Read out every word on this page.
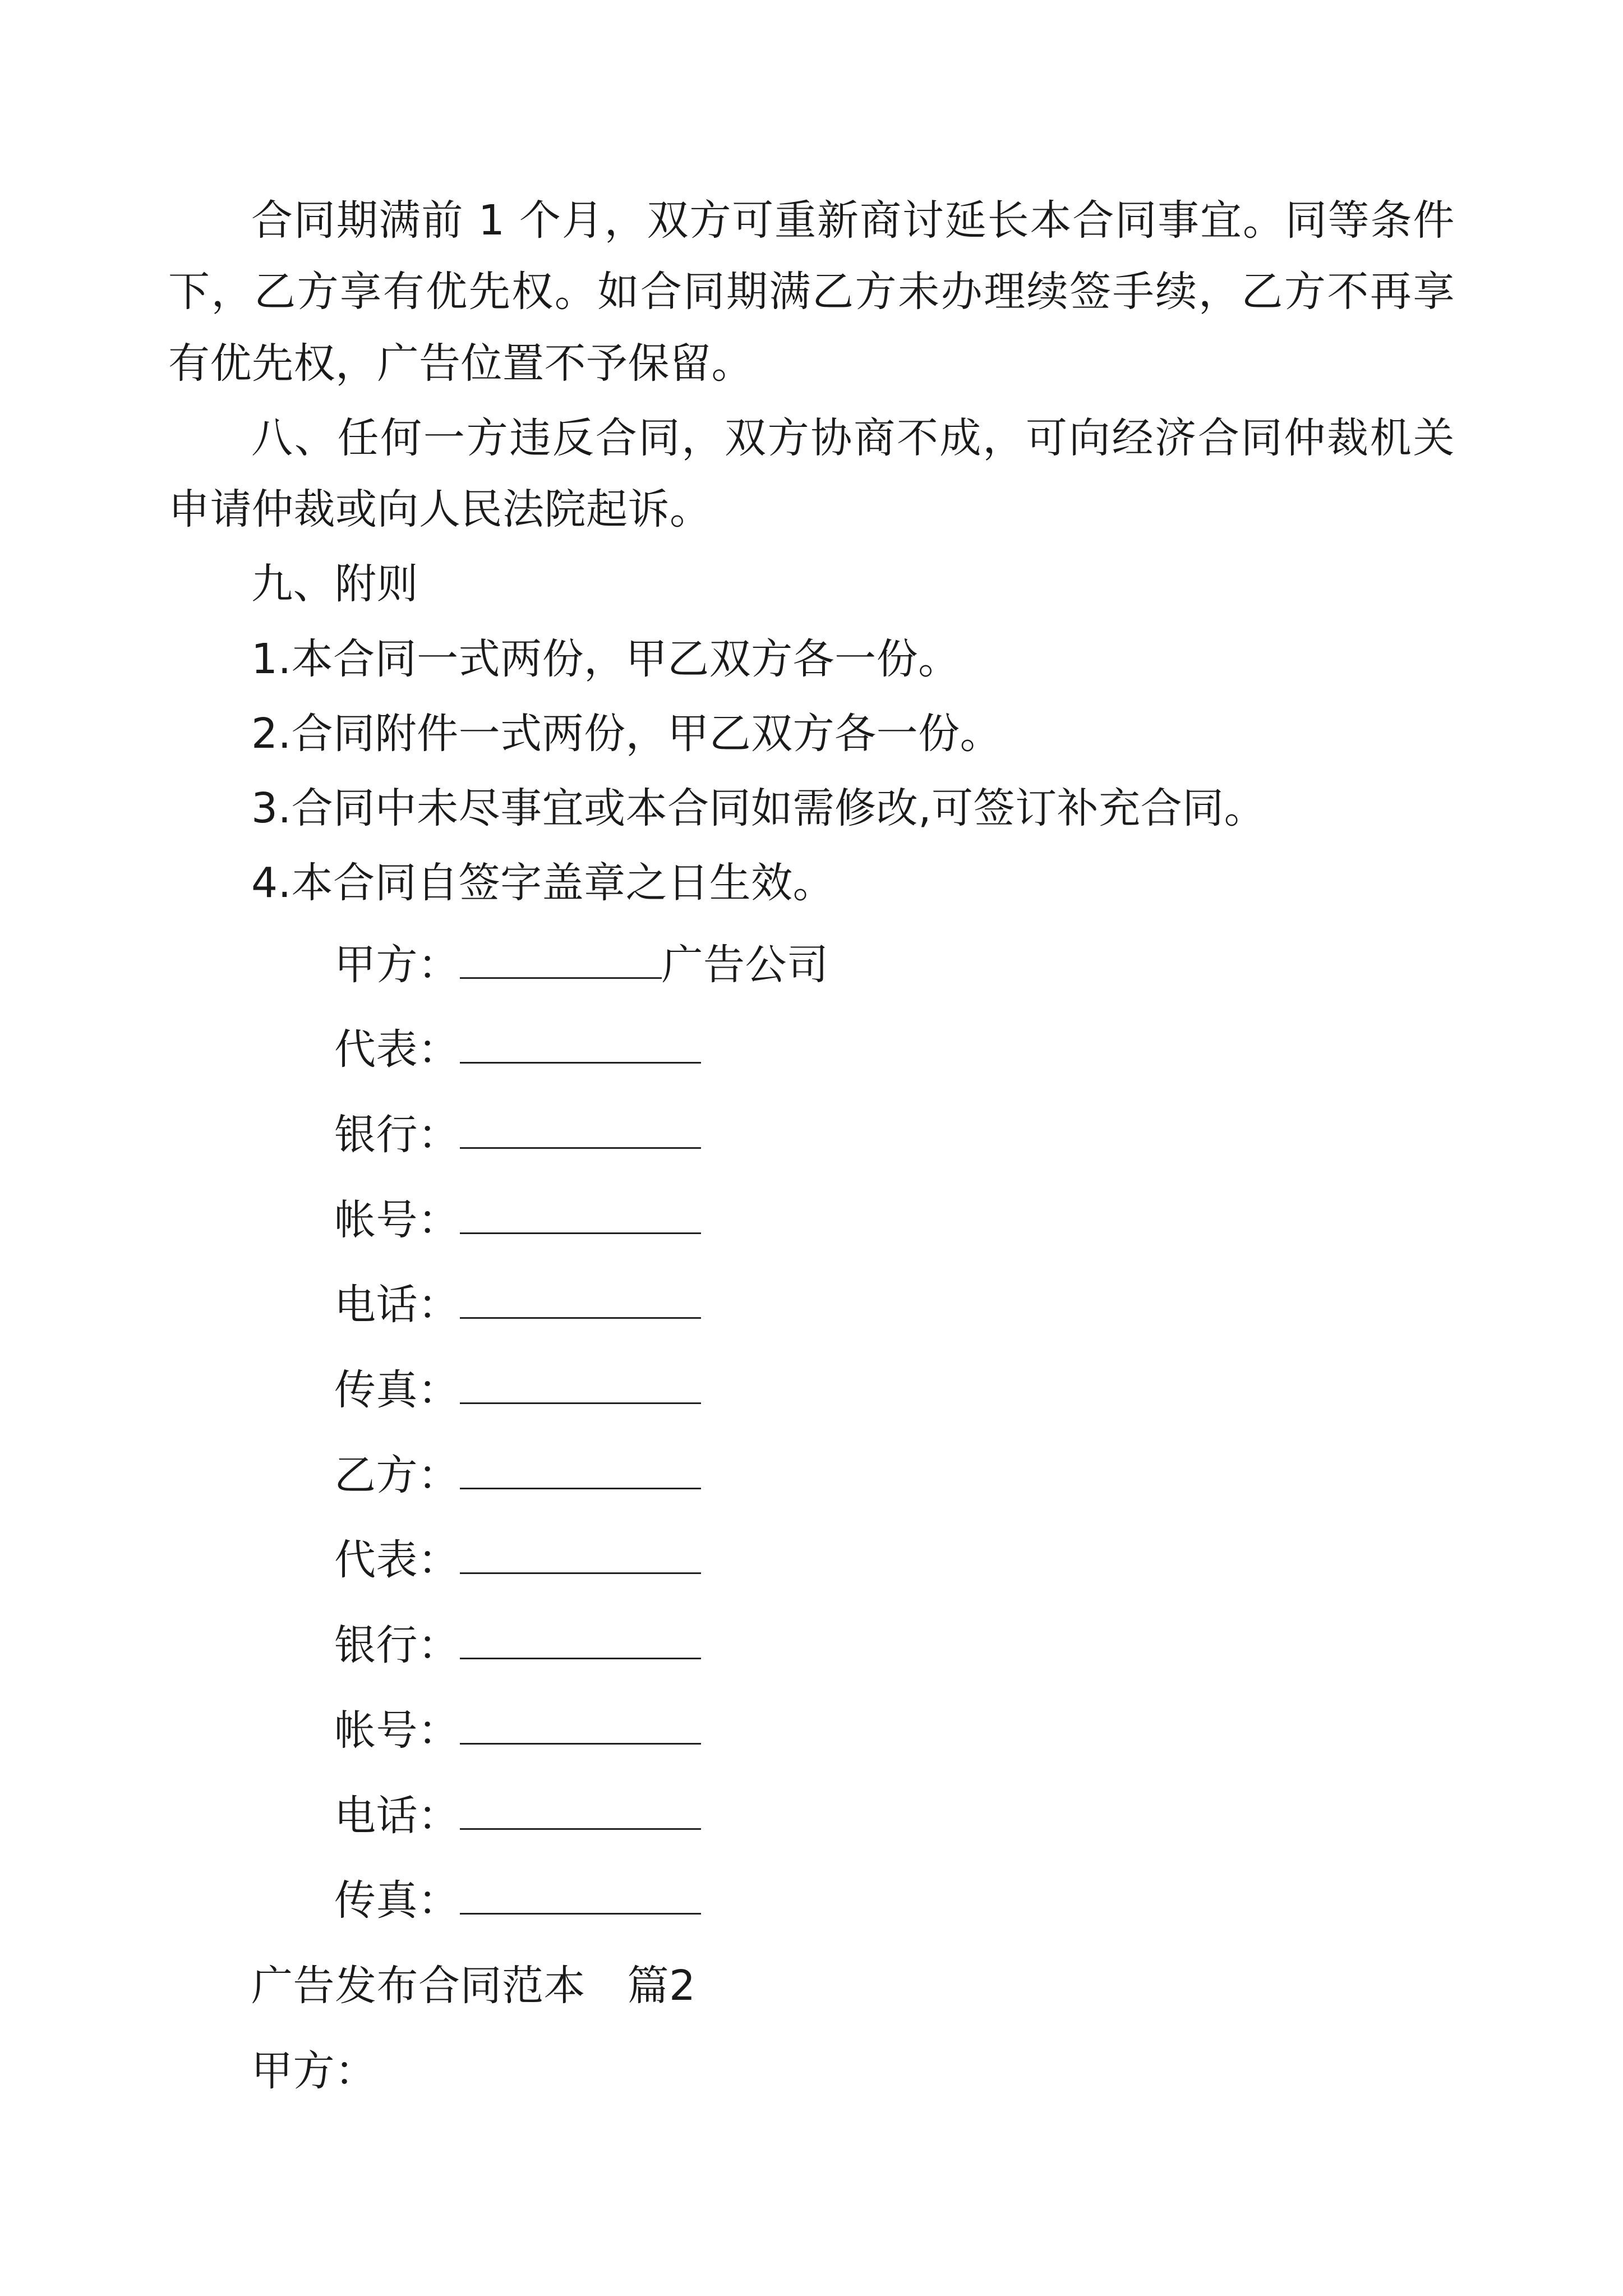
合同期满前 1 个月，双方可重新商讨延长本合同事宜。同等条件下，乙方享有优先权。如合同期满乙方未办理续签手续，乙方不再享有优先权，广告位置不予保留。

八、任何一方违反合同，双方协商不成，可向经济合同仲裁机关申请仲裁或向人民法院起诉。

九、附则

1.本合同一式两份，甲乙双方各一份。

2.合同附件一式两份，甲乙双方各一份。

3.合同中未尽事宜或本合同如需修改,可签订补充合同。

4.本合同自签字盖章之日生效。

甲方：	广告公司

代表：

银行：

帐号：

电话：

传真：

乙方：

代表：

银行：

帐号：

电话：

传真：

广告发布合同范本　篇2

甲方：
